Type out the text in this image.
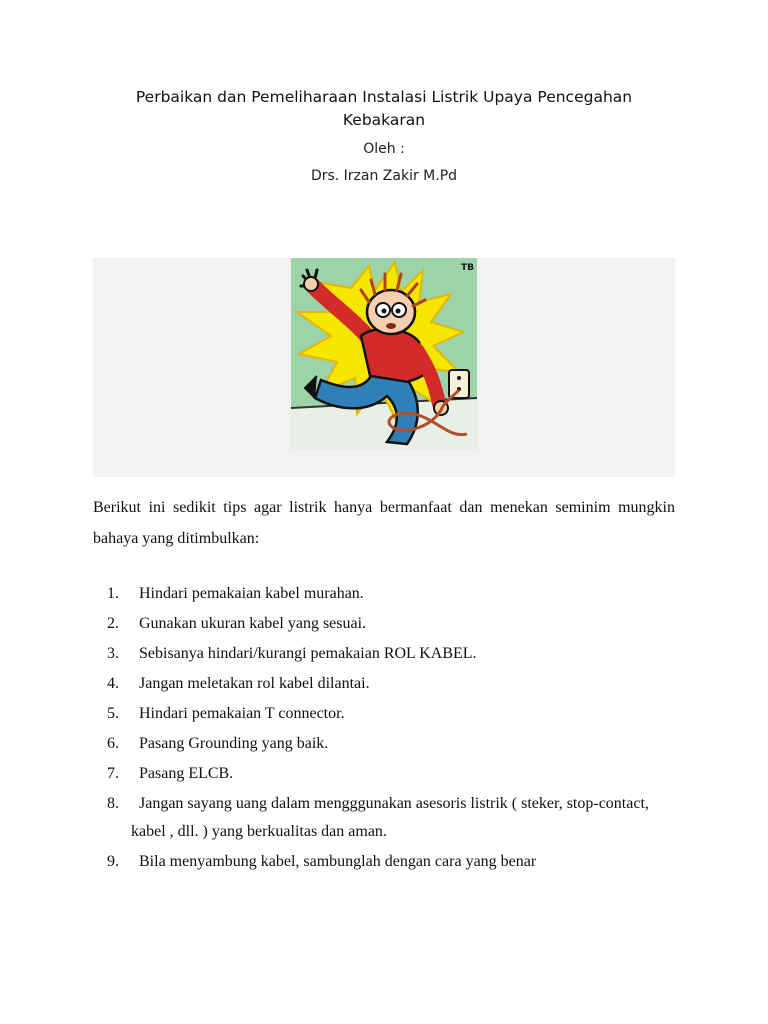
Perbaikan dan Pemeliharaan Instalasi Listrik Upaya Pencegahan
Kebakaran
Oleh :
Drs. Irzan Zakir M.Pd
TB
Berikut ini sedikit tips agar listrik hanya bermanfaat dan menekan seminim mungkin bahaya yang ditimbulkan:
1.	Hindari pemakaian kabel murahan.
2.	Gunakan ukuran kabel yang sesuai.
3.	Sebisanya hindari/kurangi pemakaian ROL KABEL.
4.	Jangan meletakan rol kabel dilantai.
5.	Hindari pemakaian T connector.
6.	Pasang Grounding yang baik.
7.	Pasang ELCB.
8.	Jangan sayang uang dalam mengggunakan asesoris listrik ( steker, stop-contact, kabel , dll. ) yang berkualitas dan aman.
9.	Bila menyambung kabel, sambunglah dengan cara yang benar
